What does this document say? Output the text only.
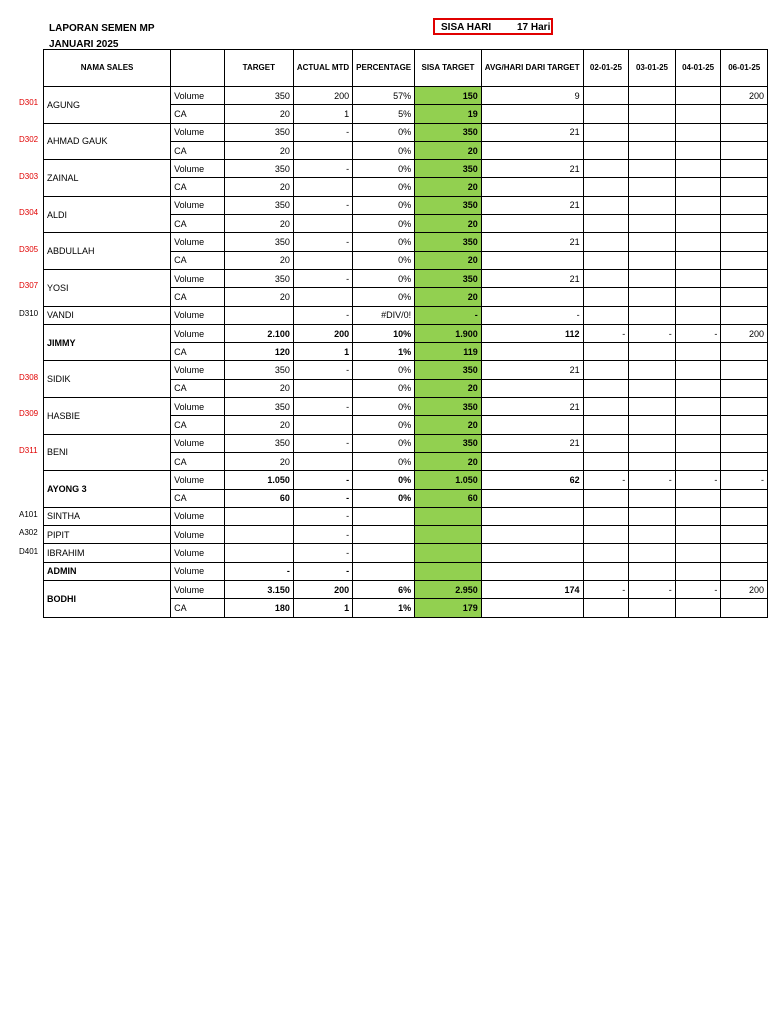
LAPORAN SEMEN MP
JANUARI 2025
SISA HARI	17 Hari
D301
D302
D303
D304
D305
D307
D310
D308
D309
D311
A101
A302
D401
NAMA SALES		TARGET	ACTUAL MTD	PERCENTAGE	SISA TARGET	AVG/HARI DARI TARGET	02-01-25	03-01-25	04-01-25	06-01-25
AGUNG	Volume	350	200	57%	150	9				200
	CA	20	1	5%	19					
AHMAD GAUK	Volume	350	-	0%	350	21				
	CA	20		0%	20					
ZAINAL	Volume	350	-	0%	350	21				
	CA	20		0%	20					
ALDI	Volume	350	-	0%	350	21				
	CA	20		0%	20					
ABDULLAH	Volume	350	-	0%	350	21				
	CA	20		0%	20					
YOSI	Volume	350	-	0%	350	21				
	CA	20		0%	20					
VANDI	Volume		-	#DIV/0!	-	-				
JIMMY	Volume	2.100	200	10%	1.900	112	-	-	-	200
	CA	120	1	1%	119					
SIDIK	Volume	350	-	0%	350	21				
	CA	20		0%	20					
HASBIE	Volume	350	-	0%	350	21				
	CA	20		0%	20					
BENI	Volume	350	-	0%	350	21				
	CA	20		0%	20					
AYONG 3	Volume	1.050	-	0%	1.050	62	-	-	-	-
	CA	60	-	0%	60					
SINTHA	Volume		-							
PIPIT	Volume		-							
IBRAHIM	Volume		-							
ADMIN	Volume	-	-							
BODHI	Volume	3.150	200	6%	2.950	174	-	-	-	200
	CA	180	1	1%	179					
